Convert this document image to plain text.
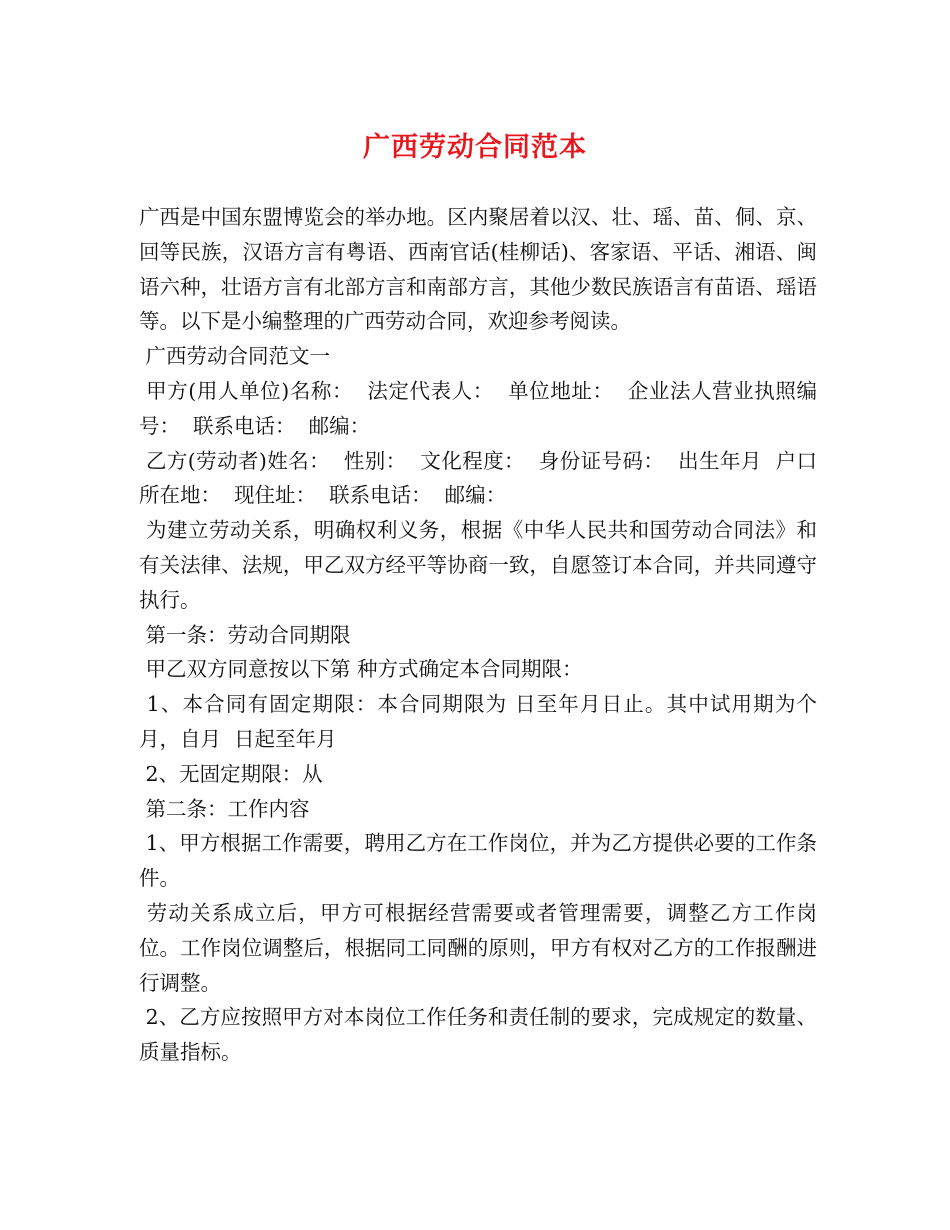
广西劳动合同范本

广西是中国东盟博览会的举办地。区内聚居着以汉、壮、瑶、苗、侗、京、回等民族，汉语方言有粤语、西南官话(桂柳话)、客家语、平话、湘语、闽语六种，壮语方言有北部方言和南部方言，其他少数民族语言有苗语、瑶语等。以下是小编整理的广西劳动合同，欢迎参考阅读。

广西劳动合同范文一

甲方(用人单位)名称：  法定代表人：  单位地址：  企业法人营业执照编号：  联系电话：  邮编：

乙方(劳动者)姓名：  性别：  文化程度：  身份证号码：  出生年月  户口所在地：  现住址：  联系电话：  邮编：

为建立劳动关系，明确权利义务，根据《中华人民共和国劳动合同法》和有关法律、法规，甲乙双方经平等协商一致，自愿签订本合同，并共同遵守执行。

第一条：劳动合同期限

甲乙双方同意按以下第 种方式确定本合同期限：

1、本合同有固定期限：本合同期限为 日至年月日止。其中试用期为个月，自月  日起至年月

2、无固定期限：从

第二条：工作内容

1、甲方根据工作需要，聘用乙方在工作岗位，并为乙方提供必要的工作条件。

劳动关系成立后，甲方可根据经营需要或者管理需要，调整乙方工作岗位。工作岗位调整后，根据同工同酬的原则，甲方有权对乙方的工作报酬进行调整。

2、乙方应按照甲方对本岗位工作任务和责任制的要求，完成规定的数量、质量指标。
